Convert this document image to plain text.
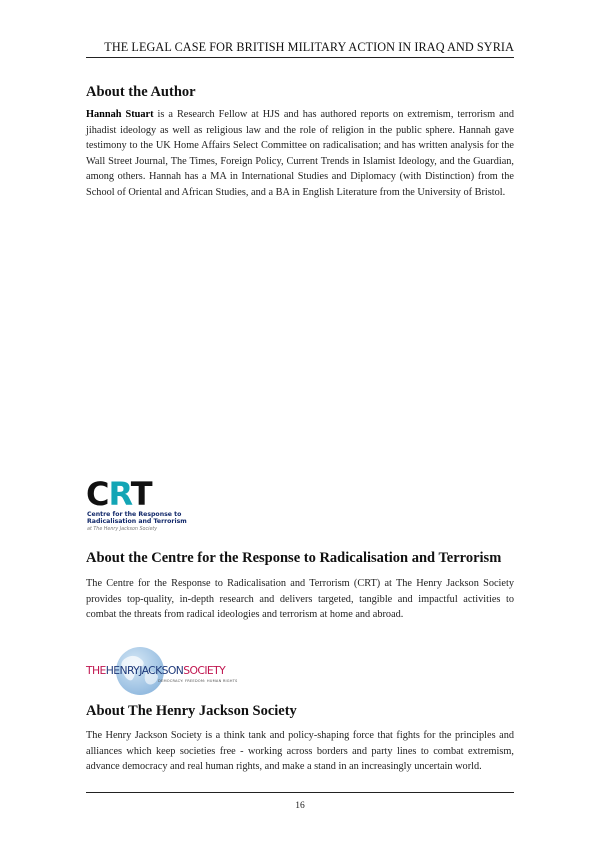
THE LEGAL CASE FOR BRITISH MILITARY ACTION IN IRAQ AND SYRIA
About the Author

Hannah Stuart is a Research Fellow at HJS and has authored reports on extremism, terrorism and jihadist ideology as well as religious law and the role of religion in the public sphere. Hannah gave testimony to the UK Home Affairs Select Committee on radicalisation; and has written analysis for the Wall Street Journal, The Times, Foreign Policy, Current Trends in Islamist Ideology, and the Guardian, among others. Hannah has a MA in International Studies and Diplomacy (with Distinction) from the School of Oriental and African Studies, and a BA in English Literature from the University of Bristol.

CRT
Centre for the Response to
Radicalisation and Terrorism
at The Henry Jackson Society
About the Centre for the Response to Radicalisation and Terrorism

The Centre for the Response to Radicalisation and Terrorism (CRT) at The Henry Jackson Society provides top-quality, in-depth research and delivers targeted, tangible and impactful activities to combat the threats from radical ideologies and terrorism at home and abroad.

THEHENRYJACKSONSOCIETY
DEMOCRACY: FREEDOM: HUMAN RIGHTS
About The Henry Jackson Society

The Henry Jackson Society is a think tank and policy-shaping force that fights for the principles and alliances which keep societies free - working across borders and party lines to combat extremism, advance democracy and real human rights, and make a stand in an increasingly uncertain world.

16
